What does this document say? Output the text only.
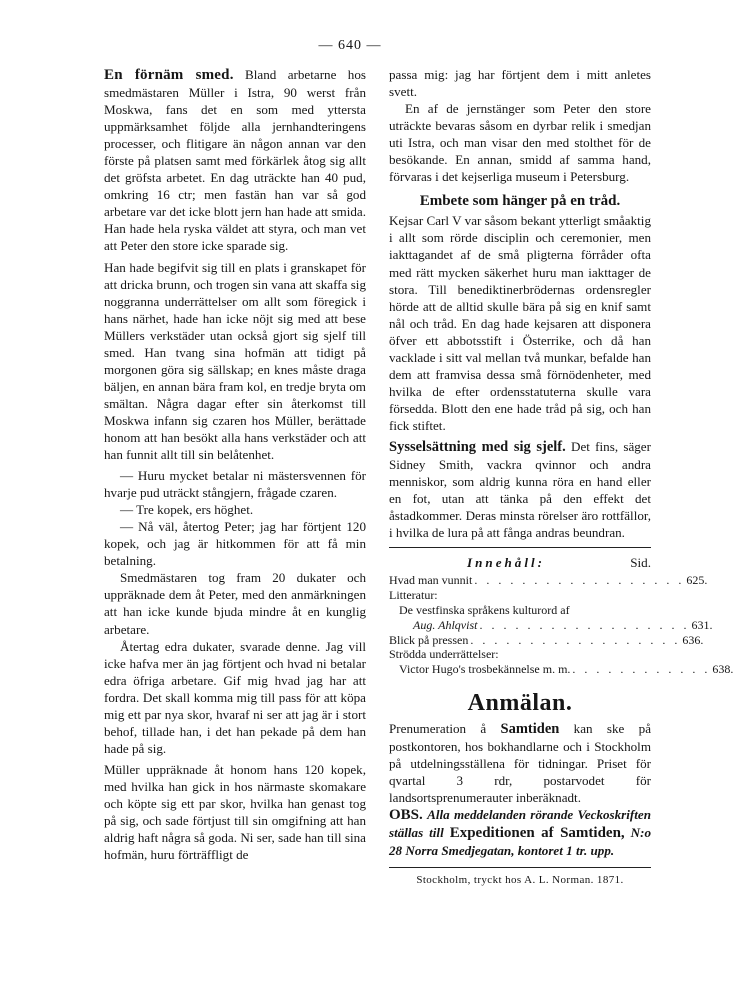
— 640 —

En förnäm smed. Bland arbetarne hos smedmästaren Müller i Istra, 90 werst från Moskwa, fans det en som med yttersta uppmärksamhet följde alla jernhandteringens processer, och flitigare än någon annan var den förste på platsen samt med förkärlek åtog sig allt det gröfsta arbetet. En dag uträckte han 40 pud, omkring 16 ctr; men fastän han var så god arbetare var det icke blott jern han hade att smida. Han hade hela ryska väldet att styra, och man vet att Peter den store icke sparade sig.

Han hade begifvit sig till en plats i granskapet för att dricka brunn, och trogen sin vana att skaffa sig noggranna underrättelser om allt som föregick i hans närhet, hade han icke nöjt sig med att bese Müllers verkstäder utan också gjort sig sjelf till smed. Han tvang sina hofmän att tidigt på morgonen göra sig sällskap; en knes måste draga bäljen, en annan bära fram kol, en tredje bryta om smältan. Några dagar efter sin återkomst till Moskwa infann sig czaren hos Müller, berättade honom att han besökt alla hans verkstäder och att han funnit allt till sin belåtenhet.

— Huru mycket betalar ni mästersvennen för hvarje pud uträckt stångjern, frågade czaren.

— Tre kopek, ers höghet.

— Nå väl, återtog Peter; jag har förtjent 120 kopek, och jag är hitkommen för att få min betalning.

Smedmästaren tog fram 20 dukater och uppräknade dem åt Peter, med den anmärkningen att han icke kunde bjuda mindre åt en kunglig arbetare.

Återtag edra dukater, svarade denne. Jag vill icke hafva mer än jag förtjent och hvad ni betalar edra öfriga arbetare. Gif mig hvad jag har att fordra. Det skall komma mig till pass för att köpa mig ett par nya skor, hvaraf ni ser att jag är i stort behof, tillade han, i det han pekade på dem han hade på sig.

Müller uppräknade åt honom hans 120 kopek, med hvilka han gick in hos närmaste skomakare och köpte sig ett par skor, hvilka han genast tog på sig, och sade förtjust till sin omgifning att han aldrig haft några så goda. Ni ser, sade han till sina hofmän, huru förträffligt de

passa mig: jag har förtjent dem i mitt anletes svett.

En af de jernstänger som Peter den store uträckte bevaras såsom en dyrbar relik i smedjan uti Istra, och man visar den med stolthet för de besökande. En annan, smidd af samma hand, förvaras i det kejserliga museum i Petersburg.

Embete som hänger på en tråd.

Kejsar Carl V var såsom bekant ytterligt småaktig i allt som rörde disciplin och ceremonier, men iakttagandet af de små pligterna förråder ofta med rätt mycken säkerhet huru man iakttager de stora. Till benediktinerbrödernas ordensregler hörde att de alltid skulle bära på sig en knif samt nål och tråd. En dag hade kejsaren att disponera öfver ett abbotsstift i Österrike, och då han vacklade i sitt val mellan två munkar, befalde han dem att framvisa dessa små förnödenheter, med hvilka de efter ordensstatuterna skulle vara försedda. Blott den ene hade tråd på sig, och han fick stiftet.

Sysselsättning med sig sjelf. Det fins, säger Sidney Smith, vackra qvinnor och andra menniskor, som aldrig kunna röra en hand eller en fot, utan att tänka på den effekt det åstadkommer. Deras minsta rörelser äro rottfällor, i hvilka de lura på att fånga andras beundran.

Innehåll:	Sid.
Hvad man vunnit . . . . . . . . . . . . . . . . . . 625.
Litteratur:
De vestfinska språkens kulturord af
Aug. Ahlqvist . . . . . . . . . . . . . . . . . . 631.
Blick på pressen . . . . . . . . . . . . . . . . . . 636.
Strödda underrättelser:
Victor Hugo's trosbekännelse m. m. . . . . . . . . . . . . 638.
Anmälan.

Prenumeration å Samtiden kan ske på postkontoren, hos bokhandlarne och i Stockholm på utdelningsställena för tidningar. Priset för qvartal 3 rdr, postarvodet för landsortsprenumerauter inberäknadt.

OBS. Alla meddelanden rörande Veckoskriften ställas till Expeditionen af Samtiden, N:o 28 Norra Smedjegatan, kontoret 1 tr. upp.

Stockholm, tryckt hos A. L. Norman. 1871.
